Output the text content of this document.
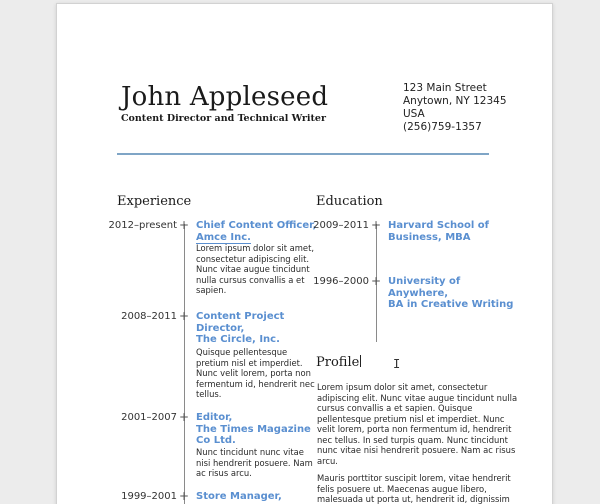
John Appleseed
Content Director and Technical Writer
123 Main Street
Anytown, NY 12345
USA
(256)759-1357
Experience
2012–present + Chief Content Officer,
Amce Inc.
Lorem ipsum dolor sit amet,
consectetur adipiscing elit.
Nunc vitae augue tincidunt
nulla cursus convallis a et
sapien.
2008–2011 + Content Project
Director,
The Circle, Inc.
Quisque pellentesque
pretium nisl et imperdiet.
Nunc velit lorem, porta non
fermentum id, hendrerit nec
tellus.
2001–2007 + Editor,
The Times Magazine
Co Ltd.
Nunc tincidunt nunc vitae
nisi hendrerit posuere. Nam
ac risus arcu.
1999–2001 + Store Manager,
Education
2009–2011 + Harvard School of
Business, MBA
1996–2000 + University of
Anywhere,
BA in Creative Writing
Profile
Lorem ipsum dolor sit amet, consectetur
adipiscing elit. Nunc vitae augue tincidunt nulla
cursus convallis a et sapien. Quisque
pellentesque pretium nisl et imperdiet. Nunc
velit lorem, porta non fermentum id, hendrerit
nec tellus. In sed turpis quam. Nunc tincidunt
nunc vitae nisi hendrerit posuere. Nam ac risus
arcu.
Mauris porttitor suscipit lorem, vitae hendrerit
felis posuere ut. Maecenas augue libero,
malesuada ut porta ut, hendrerit id, dignissim
I
